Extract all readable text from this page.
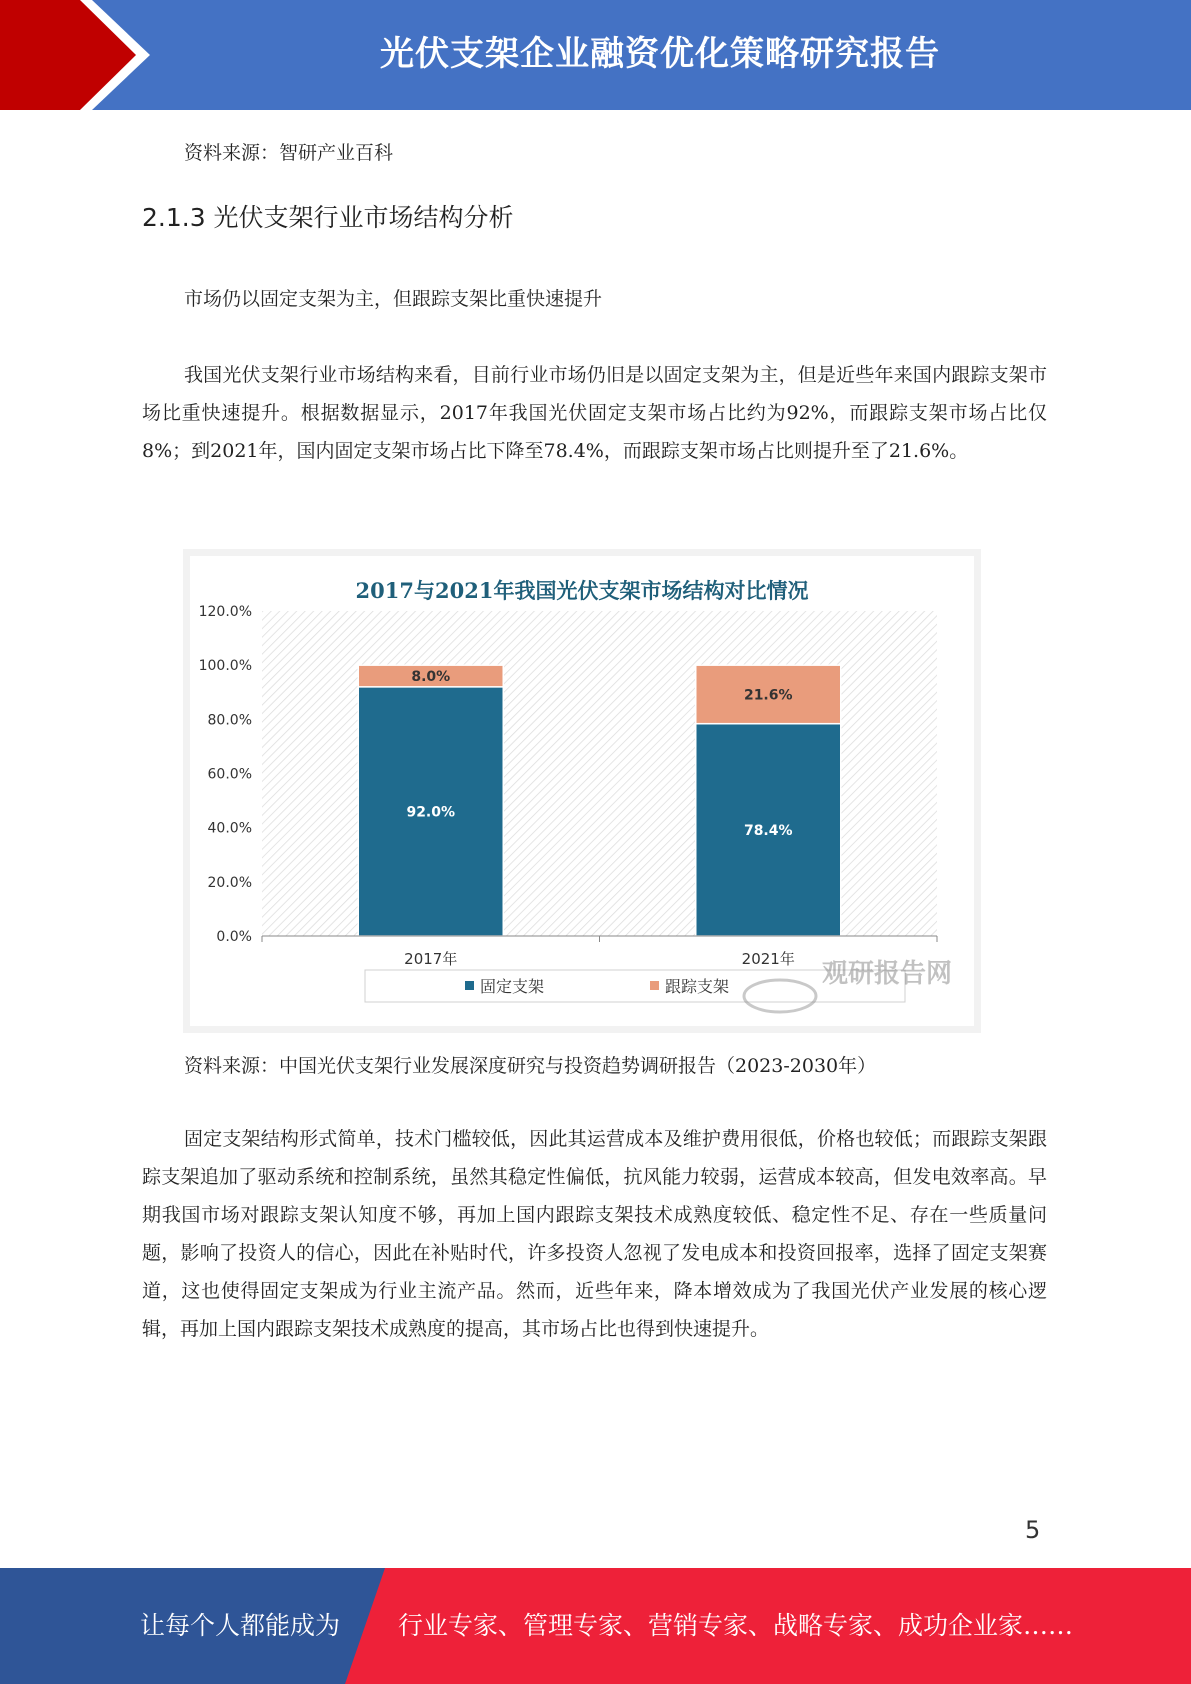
光伏支架企业融资优化策略研究报告
资料来源：智研产业百科
2.1.3 光伏支架行业市场结构分析
市场仍以固定支架为主，但跟踪支架比重快速提升
我国光伏支架行业市场结构来看，目前行业市场仍旧是以固定支架为主，但是近些年来国内跟踪支架市场比重快速提升。根据数据显示，2017年我国光伏固定支架市场占比约为92%，而跟踪支架市场占比仅8%；到2021年，国内固定支架市场占比下降至78.4%，而跟踪支架市场占比则提升至了21.6%。
2017与2021年我国光伏支架市场结构对比情况
0.0%
20.0%
40.0%
60.0%
80.0%
100.0%
120.0%
92.0%
8.0%
78.4%
21.6%
2017年	2021年
固定支架	跟踪支架	观研报告网
资料来源：中国光伏支架行业发展深度研究与投资趋势调研报告（2023-2030年）
固定支架结构形式简单，技术门槛较低，因此其运营成本及维护费用很低，价格也较低；而跟踪支架跟踪支架追加了驱动系统和控制系统，虽然其稳定性偏低，抗风能力较弱，运营成本较高，但发电效率高。早期我国市场对跟踪支架认知度不够，再加上国内跟踪支架技术成熟度较低、稳定性不足、存在一些质量问题，影响了投资人的信心，因此在补贴时代，许多投资人忽视了发电成本和投资回报率，选择了固定支架赛道，这也使得固定支架成为行业主流产品。然而，近些年来，降本增效成为了我国光伏产业发展的核心逻辑，再加上国内跟踪支架技术成熟度的提高，其市场占比也得到快速提升。
5
让每个人都能成为 行业专家、管理专家、营销专家、战略专家、成功企业家……
